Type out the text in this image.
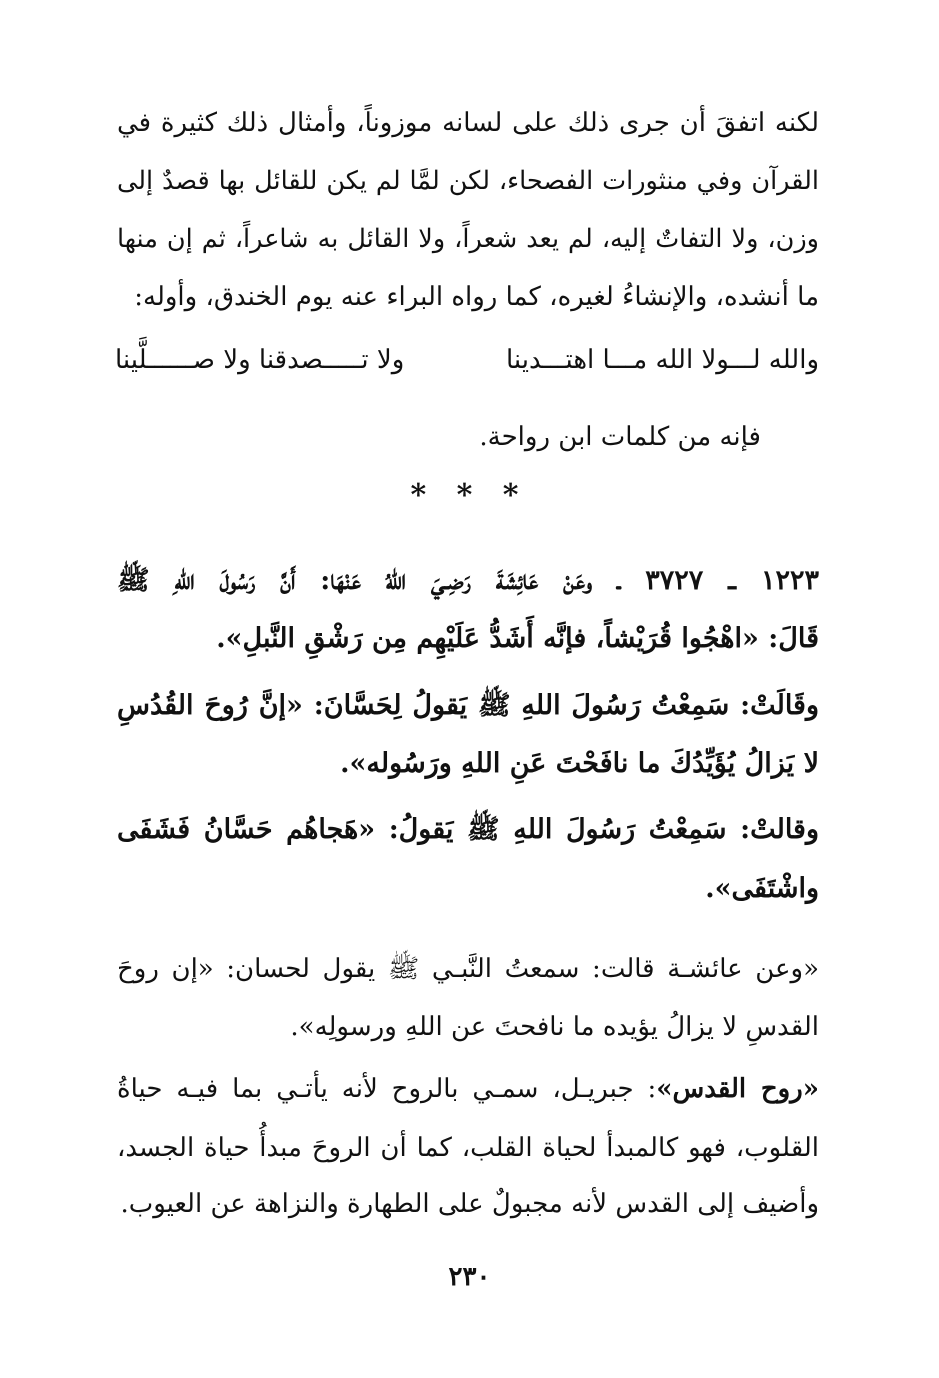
لكنه اتفقَ أن جرى ذلك على لسانه موزوناً، وأمثال ذلك كثيرة في
القرآن وفي منثورات الفصحاء، لكن لمَّا لم يكن للقائل بها قصدٌ إلى
وزن، ولا التفاتٌ إليه، لم يعد شعراً، ولا القائل به شاعراً، ثم إن منها
ما أنشده، والإنشاءُ لغيره، كما رواه البراء عنه يوم الخندق، وأوله:
والله لـــولا الله مـــا اهتـــدينا
ولا تـــــصدقنا ولا صــــــلَّينا
فإنه من كلمات ابن رواحة.
* * *
١٢٢٣ ـ ٣٧٢٧ ـ وعَنْ عَائِشَةَ رَضِـيَ اللهُ عَنْهَا: أَنَّ رَسُولَ اللهِ ﷺ
قَالَ: «اهْجُوا قُرَيْشاً، فإنَّه أَشَدُّ عَلَيْهِم مِن رَشْقِ النَّبلِ».
وقَالَتْ: سَمِعْتُ رَسُولَ اللهِ ﷺ يَقولُ لِحَسَّانَ: «إنَّ رُوحَ القُدُسِ
لا يَزالُ يُؤَيِّدُكَ ما نافَحْتَ عَنِ اللهِ ورَسُوله».
وقالتْ: سَمِعْتُ رَسُولَ اللهِ ﷺ يَقولُ: «هَجاهُم حَسَّانُ فَشَفَى
واشْتَفَى».
«وعن عائشـة قالت: سمعتُ النَّبـي ﷺ يقول لحسان: «إن روحَ
القدسِ لا يزالُ يؤيده ما نافحتَ عن اللهِ ورسولِه».
«روح القدس»: جبريـل، سمـي بالروح لأنه يأتـي بما فيـه حياةُ
القلوب، فهو كالمبدأ لحياة القلب، كما أن الروحَ مبدأُ حياة الجسد،
وأضيف إلى القدس لأنه مجبولٌ على الطهارة والنزاهة عن العيوب.
٢٣٠
